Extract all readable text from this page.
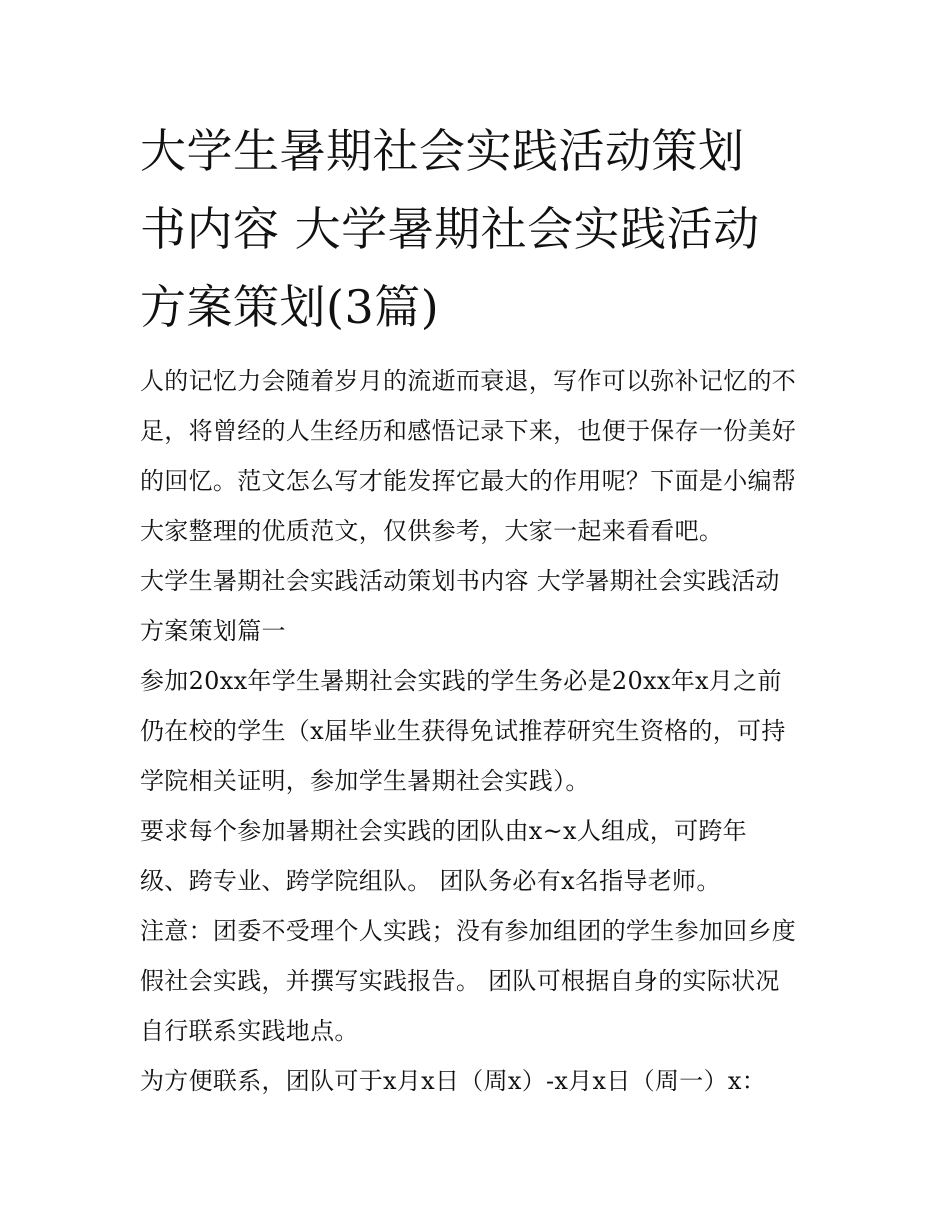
大学生暑期社会实践活动策划
书内容 大学暑期社会实践活动
方案策划(3篇)
人的记忆力会随着岁月的流逝而衰退，写作可以弥补记忆的不
足，将曾经的人生经历和感悟记录下来，也便于保存一份美好
的回忆。范文怎么写才能发挥它最大的作用呢？下面是小编帮
大家整理的优质范文，仅供参考，大家一起来看看吧。
大学生暑期社会实践活动策划书内容 大学暑期社会实践活动
方案策划篇一
参加20xx年学生暑期社会实践的学生务必是20xx年x月之前
仍在校的学生（x届毕业生获得免试推荐研究生资格的，可持
学院相关证明，参加学生暑期社会实践）。
要求每个参加暑期社会实践的团队由x~x人组成，可跨年
级、跨专业、跨学院组队。 团队务必有x名指导老师。
注意：团委不受理个人实践；没有参加组团的学生参加回乡度
假社会实践，并撰写实践报告。 团队可根据自身的实际状况
自行联系实践地点。
为方便联系，团队可于x月x日（周x）-x月x日（周一）x：
